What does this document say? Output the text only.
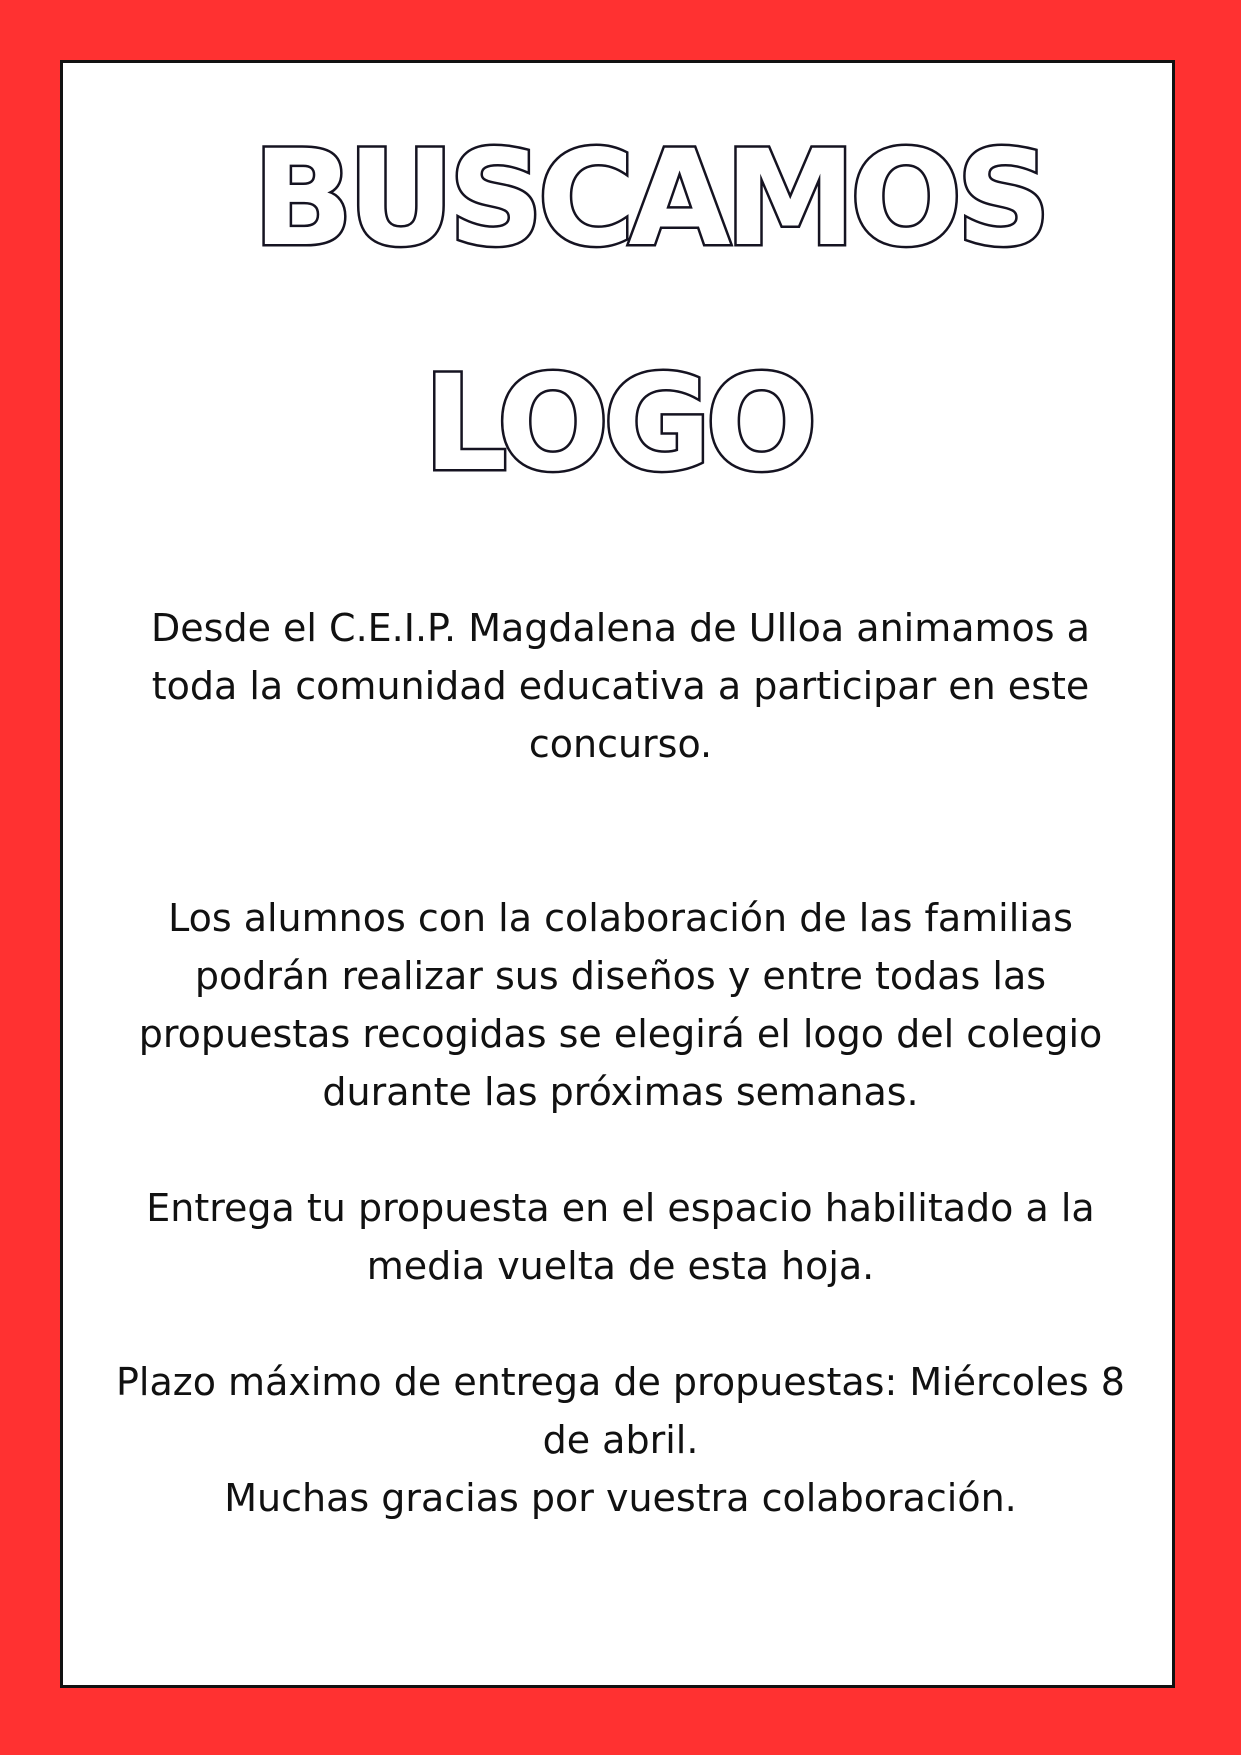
BUSCAMOS
LOGO

Desde el C.E.I.P. Magdalena de Ulloa animamos a toda la comunidad educativa a participar en este concurso.

Los alumnos con la colaboración de las familias podrán realizar sus diseños y entre todas las propuestas recogidas se elegirá el logo del colegio durante las próximas semanas.

Entrega tu propuesta en el espacio habilitado a la media vuelta de esta hoja.

Plazo máximo de entrega de propuestas: Miércoles 8 de abril.

Muchas gracias por vuestra colaboración.
